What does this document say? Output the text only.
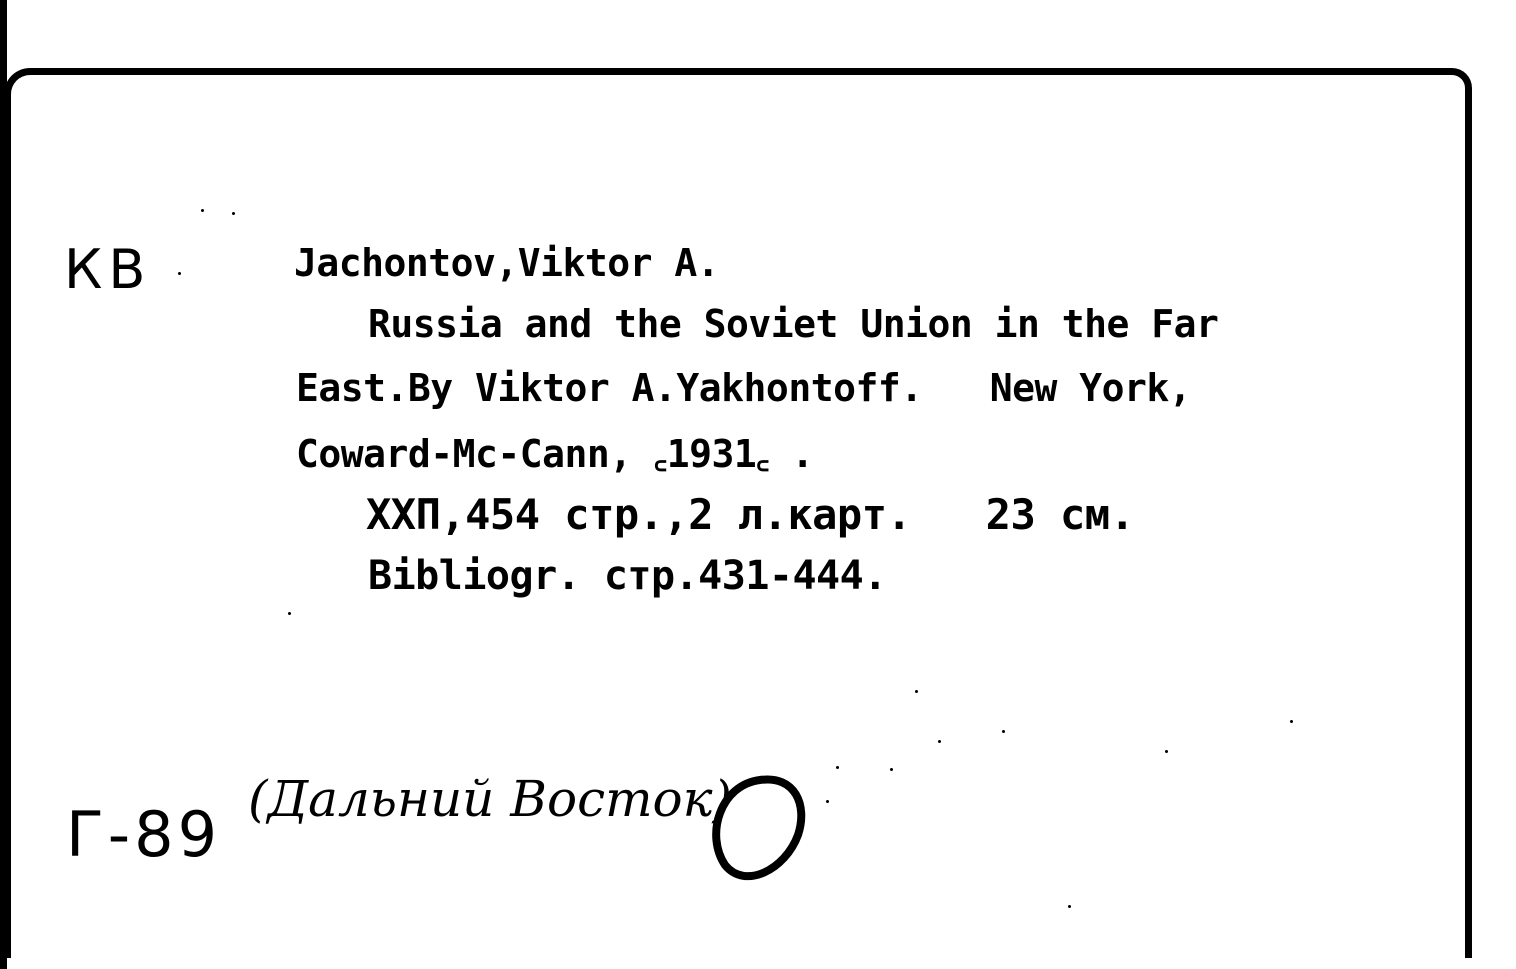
КВ	Jachontov,Viktor A.
Russia and the Soviet Union in the Far
East.By Viktor A.Yakhontoff.   New York,
Coward-Mc-Cann, ꜀1931꜀ .
XXП,454 стр.,2 л.карт.   23 см.
Bibliogr. стр.431-444.
Г-89 (Дальний Восток)
